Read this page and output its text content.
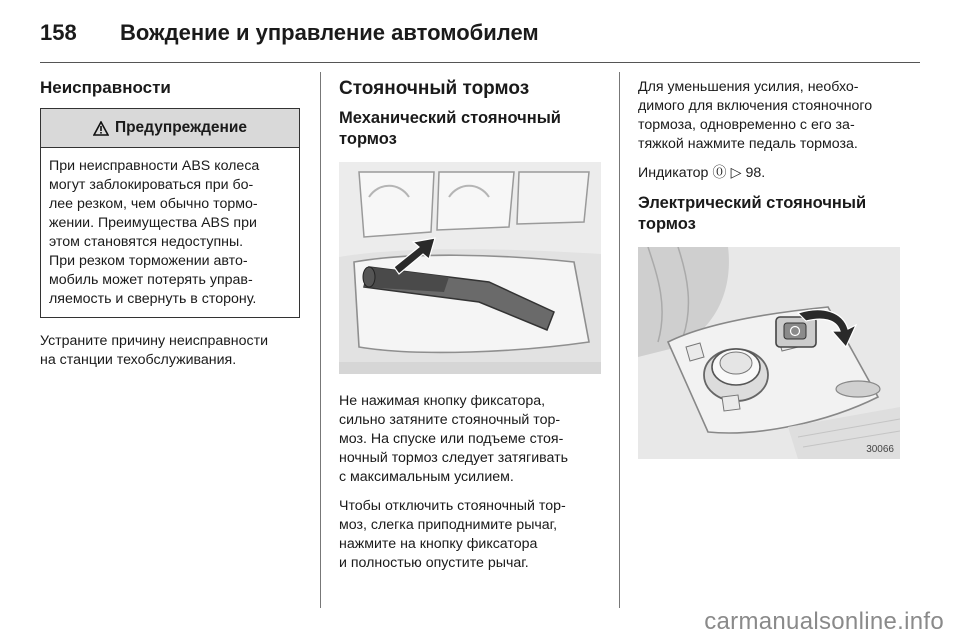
158 Вождение и управление автомобилем
Неисправности
Предупреждение
При неисправности ABS колеса
могут заблокироваться при бо-
лее резком, чем обычно тормо-
жении. Преимущества ABS при
этом становятся недоступны.
При резком торможении авто-
мобиль может потерять управ-
ляемость и свернуть в сторону.
Устраните причину неисправности
на станции техобслуживания.
Стояночный тормоз
Механический стояночный
тормоз
Не нажимая кнопку фиксатора,
сильно затяните стояночный тор-
моз. На спуске или подъеме стоя-
ночный тормоз следует затягивать
с максимальным усилием.
Чтобы отключить стояночный тор-
моз, слегка приподнимите рычаг,
нажмите на кнопку фиксатора
и полностью опустите рычаг.
Для уменьшения усилия, необхо-
димого для включения стояночного
тормоза, одновременно с его за-
тяжкой нажмите педаль тормоза.
Индикатор ⓪ ▷ 98.
Электрический стояночный
тормоз
30066
carmanualsonline.info
